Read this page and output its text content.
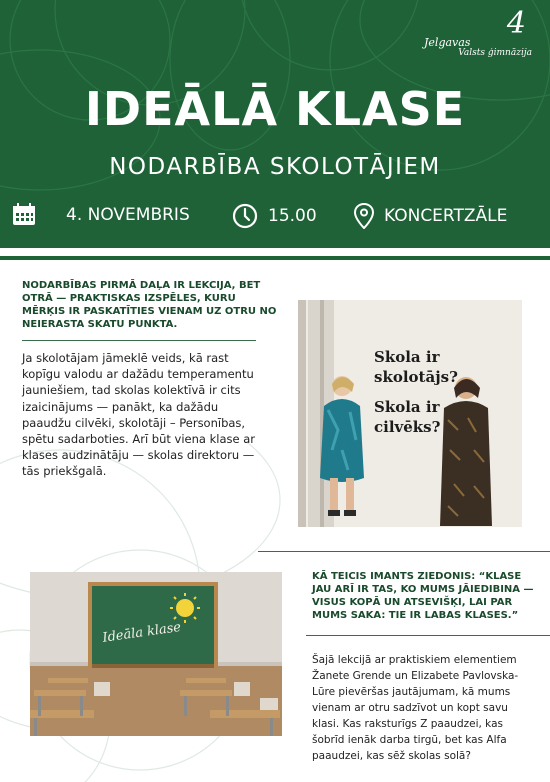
4
Jelgavas
Valsts ģimnāzija
IDEĀLĀ KLASE
NODARBĪBA SKOLOTĀJIEM
4. NOVEMBRIS	15.00	KONCERTZĀLE
NODARBĪBAS PIRMĀ DAĻA IR LEKCIJA, BET OTRĀ — PRAKTISKAS IZSPĒLES, KURU MĒRĶIS IR PASKATĪTIES VIENAM UZ OTRU NO NEIERASTA SKATU PUNKTA.
Ja skolotājam jāmeklē veids, kā rast kopīgu valodu ar dažādu temperamentu jauniešiem, tad skolas kolektīvā ir cits izaicinājums — panākt, ka dažādu paaudžu cilvēki, skolotāji – Personības, spētu sadarboties. Arī būt viena klase ar klases audzinātāju — skolas direktoru — tās priekšgalā.
Skola ir
skolotājs?
Skola ir
cilvēks?
Ideāla klase
KĀ TEICIS IMANTS ZIEDONIS: “KLASE JAU ARĪ IR TAS, KO MUMS JĀIEDIBINA — VISUS KOPĀ UN ATSEVIŠĶI, LAI PAR MUMS SAKA: TIE IR LABAS KLASES.”
Šajā lekcijā ar praktiskiem elementiem Žanete Grende un Elizabete Pavlovska-Lūre pievēršas jautājumam, kā mums vienam ar otru sadzīvot un kopt savu klasi. Kas raksturīgs Z paaudzei, kas šobrīd ienāk darba tirgū, bet kas Alfa paaudzei, kas sēž skolas solā?
